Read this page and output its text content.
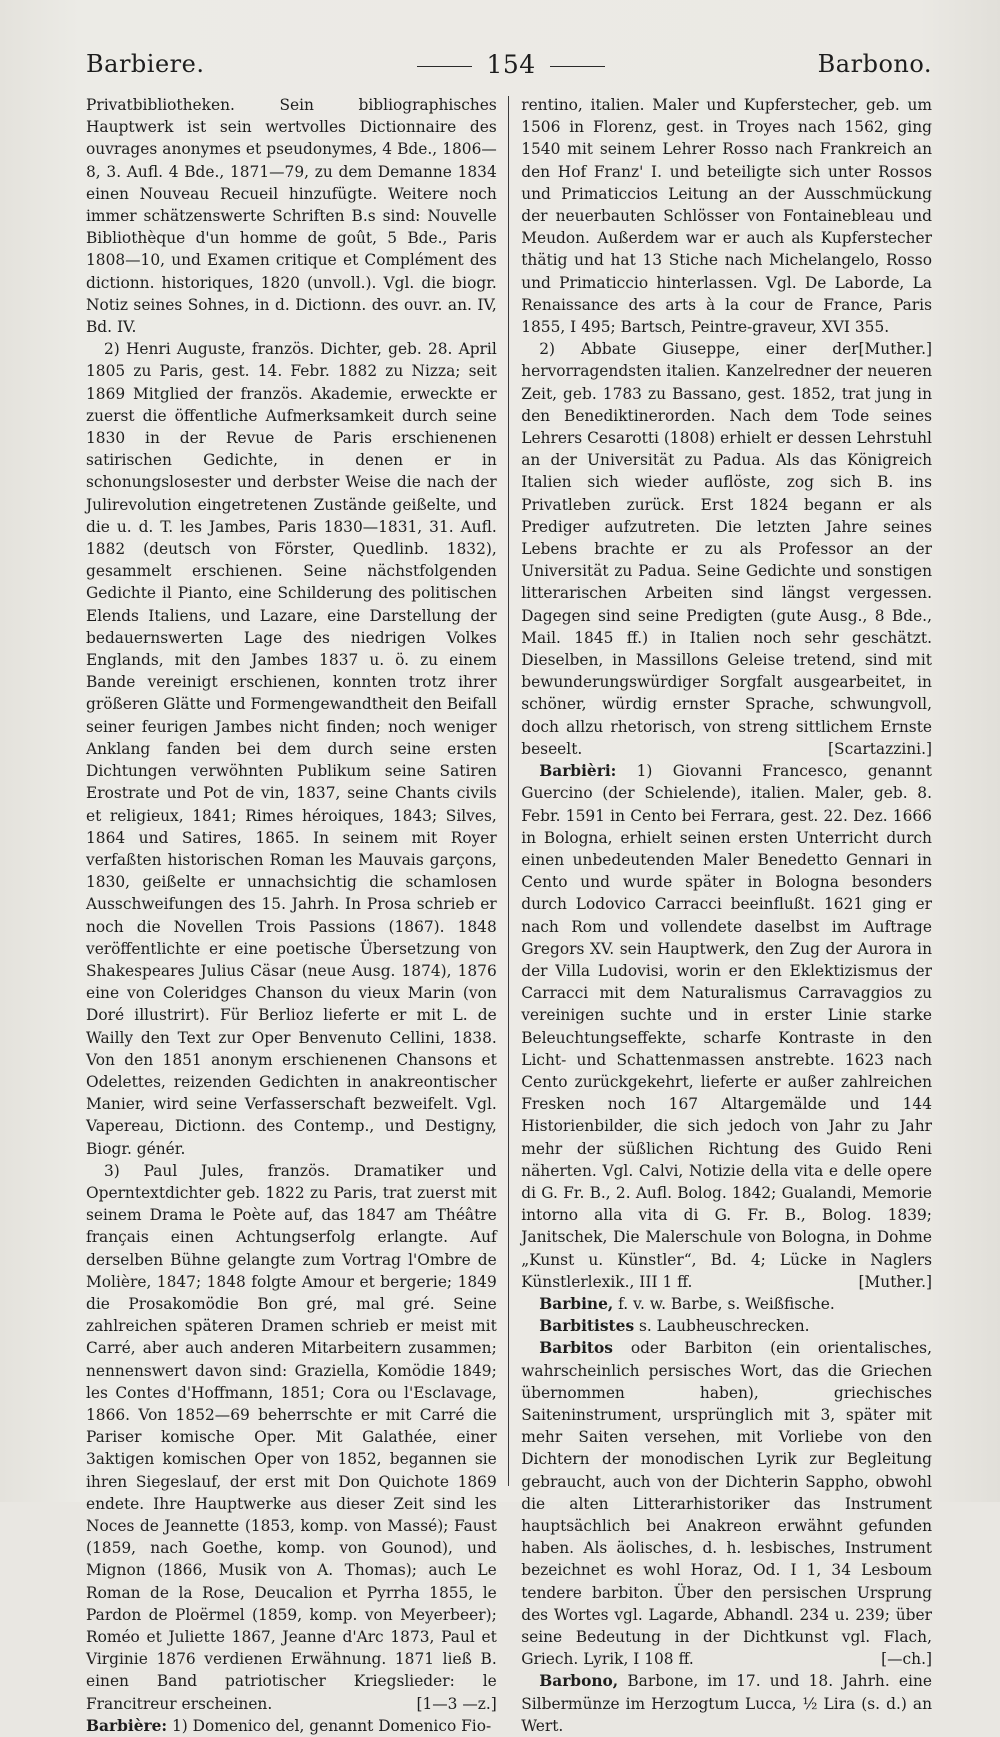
Barbiere.	154	Barbono.

Privatbibliotheken. Sein bibliographisches Hauptwerk ist sein wertvolles Dictionnaire des ouvrages anonymes et pseudonymes, 4 Bde., 1806—8, 3. Aufl. 4 Bde., 1871—79, zu dem Demanne 1834 einen Nouveau Recueil hinzufügte. Weitere noch immer schätzenswerte Schriften B.s sind: Nouvelle Bibliothèque d'un homme de goût, 5 Bde., Paris 1808—10, und Examen critique et Complément des dictionn. historiques, 1820 (unvoll.). Vgl. die biogr. Notiz seines Sohnes, in d. Dictionn. des ouvr. an. IV, Bd. IV.

2) Henri Auguste, französ. Dichter, geb. 28. April 1805 zu Paris, gest. 14. Febr. 1882 zu Nizza; seit 1869 Mitglied der französ. Akademie, erweckte er zuerst die öffentliche Aufmerksamkeit durch seine 1830 in der Revue de Paris erschienenen satirischen Gedichte, in denen er in schonungslosester und derbster Weise die nach der Julirevolution eingetretenen Zustände geißelte, und die u. d. T. les Jambes, Paris 1830—1831, 31. Aufl. 1882 (deutsch von Förster, Quedlinb. 1832), gesammelt erschienen. Seine nächstfolgenden Gedichte il Pianto, eine Schilderung des politischen Elends Italiens, und Lazare, eine Darstellung der bedauernswerten Lage des niedrigen Volkes Englands, mit den Jambes 1837 u. ö. zu einem Bande vereinigt erschienen, konnten trotz ihrer größeren Glätte und Formengewandtheit den Beifall seiner feurigen Jambes nicht finden; noch weniger Anklang fanden bei dem durch seine ersten Dichtungen verwöhnten Publikum seine Satiren Erostrate und Pot de vin, 1837, seine Chants civils et religieux, 1841; Rimes héroiques, 1843; Silves, 1864 und Satires, 1865. In seinem mit Royer verfaßten historischen Roman les Mauvais garçons, 1830, geißelte er unnachsichtig die schamlosen Ausschweifungen des 15. Jahrh. In Prosa schrieb er noch die Novellen Trois Passions (1867). 1848 veröffentlichte er eine poetische Übersetzung von Shakespeares Julius Cäsar (neue Ausg. 1874), 1876 eine von Coleridges Chanson du vieux Marin (von Doré illustrirt). Für Berlioz lieferte er mit L. de Wailly den Text zur Oper Benvenuto Cellini, 1838. Von den 1851 anonym erschienenen Chansons et Odelettes, reizenden Gedichten in anakreontischer Manier, wird seine Verfasserschaft bezweifelt. Vgl. Vapereau, Dictionn. des Contemp., und Destigny, Biogr. génér.

3) Paul Jules, französ. Dramatiker und Operntextdichter geb. 1822 zu Paris, trat zuerst mit seinem Drama le Poète auf, das 1847 am Théâtre français einen Achtungserfolg erlangte. Auf derselben Bühne gelangte zum Vortrag l'Ombre de Molière, 1847; 1848 folgte Amour et bergerie; 1849 die Prosakomödie Bon gré, mal gré. Seine zahlreichen späteren Dramen schrieb er meist mit Carré, aber auch anderen Mitarbeitern zusammen; nennenswert davon sind: Graziella, Komödie 1849; les Contes d'Hoffmann, 1851; Cora ou l'Esclavage, 1866. Von 1852—69 beherrschte er mit Carré die Pariser komische Oper. Mit Galathée, einer 3aktigen komischen Oper von 1852, begannen sie ihren Siegeslauf, der erst mit Don Quichote 1869 endete. Ihre Hauptwerke aus dieser Zeit sind les Noces de Jeannette (1853, komp. von Massé); Faust (1859, nach Goethe, komp. von Gounod), und Mignon (1866, Musik von A. Thomas); auch Le Roman de la Rose, Deucalion et Pyrrha 1855, le Pardon de Ploërmel (1859, komp. von Meyerbeer); Roméo et Juliette 1867, Jeanne d'Arc 1873, Paul et Virginie 1876 verdienen Erwähnung. 1871 ließ B. einen Band patriotischer Kriegslieder: le Francitreur erscheinen.	[1—3 —z.]

Barbière: 1) Domenico del, genannt Domenico Fio-

rentino, italien. Maler und Kupferstecher, geb. um 1506 in Florenz, gest. in Troyes nach 1562, ging 1540 mit seinem Lehrer Rosso nach Frankreich an den Hof Franz' I. und beteiligte sich unter Rossos und Primaticcios Leitung an der Ausschmückung der neuerbauten Schlösser von Fontainebleau und Meudon. Außerdem war er auch als Kupferstecher thätig und hat 13 Stiche nach Michelangelo, Rosso und Primaticcio hinterlassen. Vgl. De Laborde, La Renaissance des arts à la cour de France, Paris 1855, I 495; Bartsch, Peintre-graveur, XVI 355.
[Muther.]

2) Abbate Giuseppe, einer der hervorragendsten italien. Kanzelredner der neueren Zeit, geb. 1783 zu Bassano, gest. 1852, trat jung in den Benediktinerorden. Nach dem Tode seines Lehrers Cesarotti (1808) erhielt er dessen Lehrstuhl an der Universität zu Padua. Als das Königreich Italien sich wieder auflöste, zog sich B. ins Privatleben zurück. Erst 1824 begann er als Prediger aufzutreten. Die letzten Jahre seines Lebens brachte er zu als Professor an der Universität zu Padua. Seine Gedichte und sonstigen litterarischen Arbeiten sind längst vergessen. Dagegen sind seine Predigten (gute Ausg., 8 Bde., Mail. 1845 ff.) in Italien noch sehr geschätzt. Dieselben, in Massillons Geleise tretend, sind mit bewunderungswürdiger Sorgfalt ausgearbeitet, in schöner, würdig ernster Sprache, schwungvoll, doch allzu rhetorisch, von streng sittlichem Ernste beseelt.	[Scartazzini.]

Barbièri: 1) Giovanni Francesco, genannt Guercino (der Schielende), italien. Maler, geb. 8. Febr. 1591 in Cento bei Ferrara, gest. 22. Dez. 1666 in Bologna, erhielt seinen ersten Unterricht durch einen unbedeutenden Maler Benedetto Gennari in Cento und wurde später in Bologna besonders durch Lodovico Carracci beeinflußt. 1621 ging er nach Rom und vollendete daselbst im Auftrage Gregors XV. sein Hauptwerk, den Zug der Aurora in der Villa Ludovisi, worin er den Eklektizismus der Carracci mit dem Naturalismus Carravaggios zu vereinigen suchte und in erster Linie starke Beleuchtungseffekte, scharfe Kontraste in den Licht- und Schattenmassen anstrebte. 1623 nach Cento zurückgekehrt, lieferte er außer zahlreichen Fresken noch 167 Altargemälde und 144 Historienbilder, die sich jedoch von Jahr zu Jahr mehr der süßlichen Richtung des Guido Reni näherten. Vgl. Calvi, Notizie della vita e delle opere di G. Fr. B., 2. Aufl. Bolog. 1842; Gualandi, Memorie intorno alla vita di G. Fr. B., Bolog. 1839; Janitschek, Die Malerschule von Bologna, in Dohme „Kunst u. Künstler“, Bd. 4; Lücke in Naglers Künstlerlexik., III 1 ff.	[Muther.]

Barbine, f. v. w. Barbe, s. Weißfische.

Barbitistes s. Laubheuschrecken.

Barbitos oder Barbiton (ein orientalisches, wahrscheinlich persisches Wort, das die Griechen übernommen haben), griechisches Saiteninstrument, ursprünglich mit 3, später mit mehr Saiten versehen, mit Vorliebe von den Dichtern der monodischen Lyrik zur Begleitung gebraucht, auch von der Dichterin Sappho, obwohl die alten Litterarhistoriker das Instrument hauptsächlich bei Anakreon erwähnt gefunden haben. Als äolisches, d. h. lesbisches, Instrument bezeichnet es wohl Horaz, Od. I 1, 34 Lesboum tendere barbiton. Über den persischen Ursprung des Wortes vgl. Lagarde, Abhandl. 234 u. 239; über seine Bedeutung in der Dichtkunst vgl. Flach, Griech. Lyrik, I 108 ff.	[—ch.]

Barbono, Barbone, im 17. und 18. Jahrh. eine Silbermünze im Herzogtum Lucca, ½ Lira (s. d.) an Wert.
